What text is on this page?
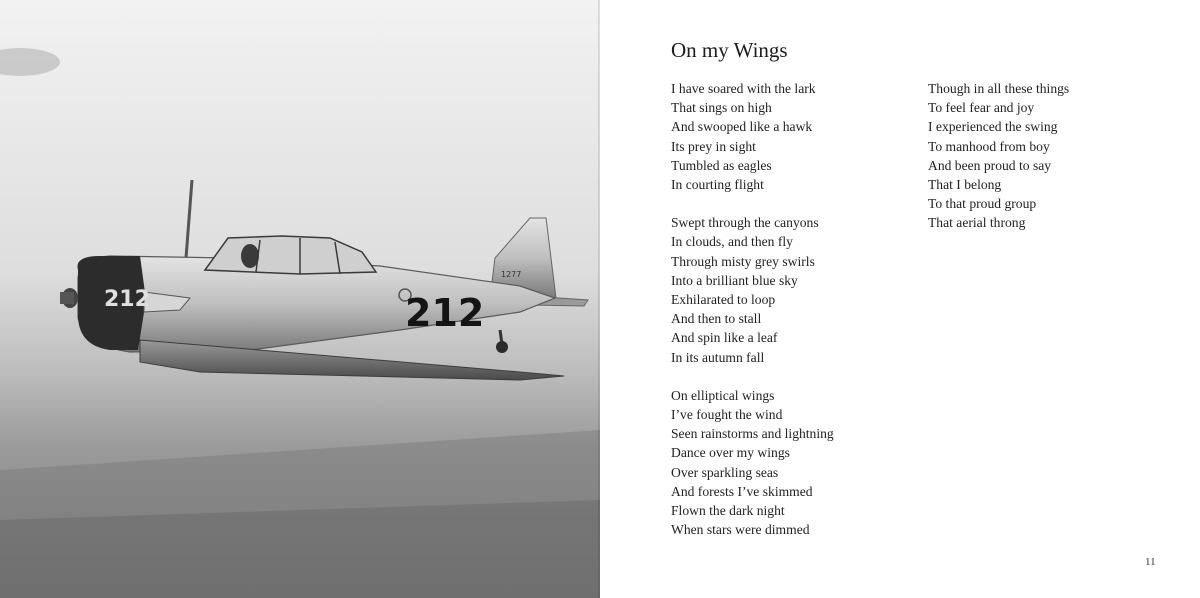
212	212
1277
On my Wings

I have soared with the lark
That sings on high
And swooped like a hawk
Its prey in sight
Tumbled as eagles
In courting flight

Swept through the canyons
In clouds, and then fly
Through misty grey swirls
Into a brilliant blue sky
Exhilarated to loop
And then to stall
And spin like a leaf
In its autumn fall

On elliptical wings
I’ve fought the wind
Seen rainstorms and lightning
Dance over my wings
Over sparkling seas
And forests I’ve skimmed
Flown the dark night
When stars were dimmed

Though in all these things
To feel fear and joy
I experienced the swing
To manhood from boy
And been proud to say
That I belong
To that proud group
That aerial throng

11
